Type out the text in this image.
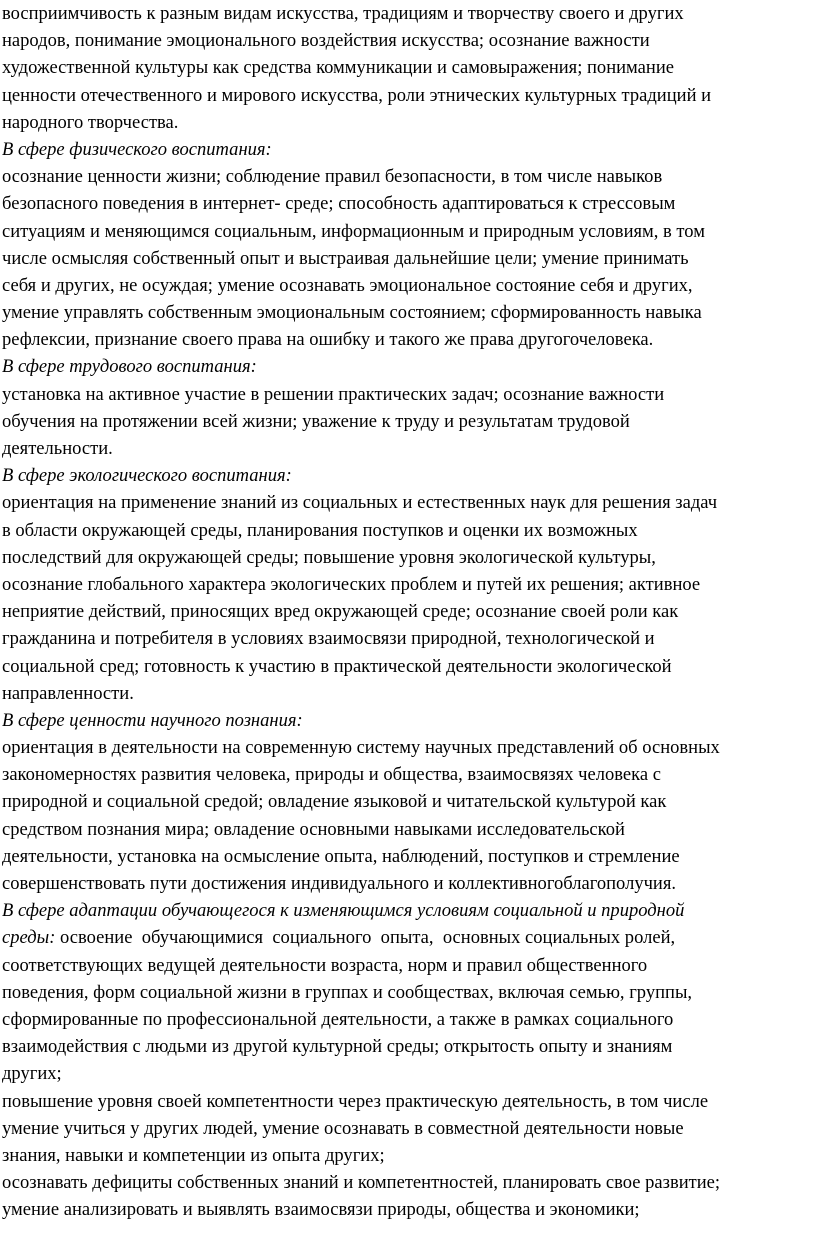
восприимчивость к разным видам искусства, традициям и творчеству своего и других
народов, понимание эмоционального воздействия искусства; осознание важности
художественной культуры как средства коммуникации и самовыражения; понимание
ценности отечественного и мирового искусства, роли этнических культурных традиций и
народного творчества.
В сфере физического воспитания:
осознание ценности жизни; соблюдение правил безопасности, в том числе навыков
безопасного поведения в интернет- среде; способность адаптироваться к стрессовым
ситуациям и меняющимся социальным, информационным и природным условиям, в том
числе осмысляя собственный опыт и выстраивая дальнейшие цели; умение принимать
себя и других, не осуждая; умение осознавать эмоциональное состояние себя и других,
умение управлять собственным эмоциональным состоянием; сформированность навыка
рефлексии, признание своего права на ошибку и такого же права другогочеловека.
В сфере трудового воспитания:
установка на активное участие в решении практических задач; осознание важности
обучения на протяжении всей жизни; уважение к труду и результатам трудовой
деятельности.
В сфере экологического воспитания:
ориентация на применение знаний из социальных и естественных наук для решения задач
в области окружающей среды, планирования поступков и оценки их возможных
последствий для окружающей среды; повышение уровня экологической культуры,
осознание глобального характера экологических проблем и путей их решения; активное
неприятие действий, приносящих вред окружающей среде; осознание своей роли как
гражданина и потребителя в условиях взаимосвязи природной, технологической и
социальной сред; готовность к участию в практической деятельности экологической
направленности.
В сфере ценности научного познания:
ориентация в деятельности на современную систему научных представлений об основных
закономерностях развития человека, природы и общества, взаимосвязях человека с
природной и социальной средой; овладение языковой и читательской культурой как
средством познания мира; овладение основными навыками исследовательской
деятельности, установка на осмысление опыта, наблюдений, поступков и стремление
совершенствовать пути достижения индивидуального и коллективногоблагополучия.
В сфере адаптации обучающегося к изменяющимся условиям социальной и природной
среды: освоение  обучающимися  социального  опыта,  основных социальных ролей,
соответствующих ведущей деятельности возраста, норм и правил общественного
поведения, форм социальной жизни в группах и сообществах, включая семью, группы,
сформированные по профессиональной деятельности, а также в рамках социального
взаимодействия с людьми из другой культурной среды; открытость опыту и знаниям
других;
повышение уровня своей компетентности через практическую деятельность, в том числе
умение учиться у других людей, умение осознавать в совместной деятельности новые
знания, навыки и компетенции из опыта других;
осознавать дефициты собственных знаний и компетентностей, планировать свое развитие;
умение анализировать и выявлять взаимосвязи природы, общества и экономики;
